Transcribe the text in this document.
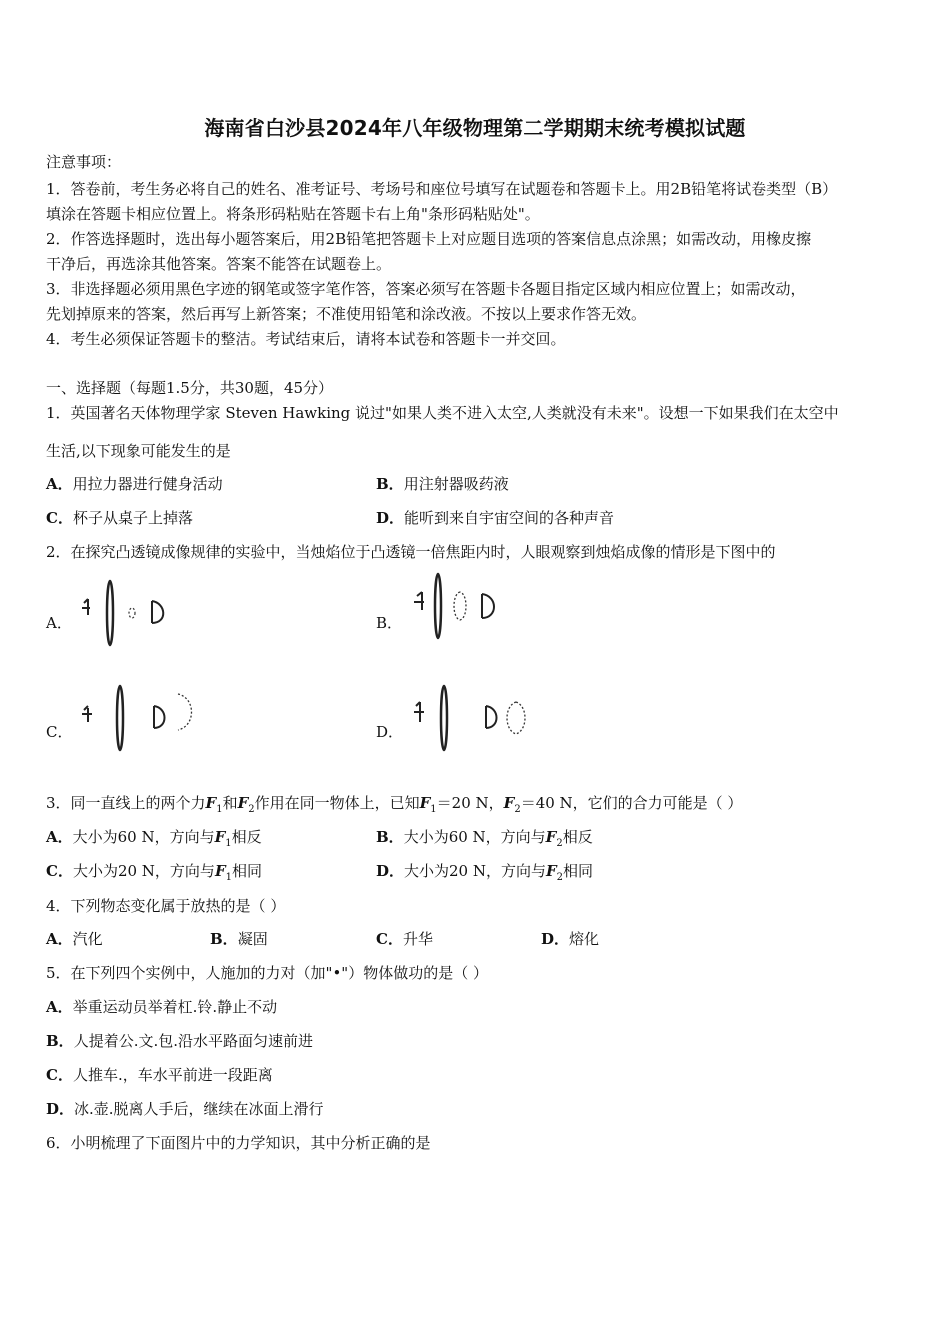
海南省白沙县2024年八年级物理第二学期期末统考模拟试题
注意事项：
1．答卷前，考生务必将自己的姓名、准考证号、考场号和座位号填写在试题卷和答题卡上。用2B铅笔将试卷类型（B）
填涂在答题卡相应位置上。将条形码粘贴在答题卡右上角"条形码粘贴处"。
2．作答选择题时，选出每小题答案后，用2B铅笔把答题卡上对应题目选项的答案信息点涂黑；如需改动，用橡皮擦
干净后，再选涂其他答案。答案不能答在试题卷上。
3．非选择题必须用黑色字迹的钢笔或签字笔作答，答案必须写在答题卡各题目指定区域内相应位置上；如需改动，
先划掉原来的答案，然后再写上新答案；不准使用铅笔和涂改液。不按以上要求作答无效。
4．考生必须保证答题卡的整洁。考试结束后，请将本试卷和答题卡一并交回。
一、选择题（每题1.5分，共30题，45分）
1．英国著名天体物理学家 Steven Hawking 说过"如果人类不进入太空,人类就没有未来"。设想一下如果我们在太空中
生活,以下现象可能发生的是
A．用拉力器进行健身活动	B．用注射器吸药液
C．杯子从桌子上掉落	D．能听到来自宇宙空间的各种声音
2．在探究凸透镜成像规律的实验中，当烛焰位于凸透镜一倍焦距内时，人眼观察到烛焰成像的情形是下图中的
A．	B．
C．	D．
3．同一直线上的两个力$F_1$和$F_2$作用在同一物体上，已知$F_1=20$ N，$F_2=40$ N，它们的合力可能是（ ）
A．大小为60 N，方向与$F_1$相反	B．大小为60 N，方向与$F_2$相反
C．大小为20 N，方向与$F_1$相同	D．大小为20 N，方向与$F_2$相同
4．下列物态变化属于放热的是（ ）
A．汽化	B．凝固	C．升华	D．熔化
5．在下列四个实例中，人施加的力对（加"•"）物体做功的是（ ）
A．举重运动员举着杠.铃.静止不动
B．人提着公.文.包.沿水平路面匀速前进
C．人推车.，车水平前进一段距离
D．冰.壶.脱离人手后，继续在冰面上滑行
6．小明梳理了下面图片中的力学知识，其中分析正确的是
